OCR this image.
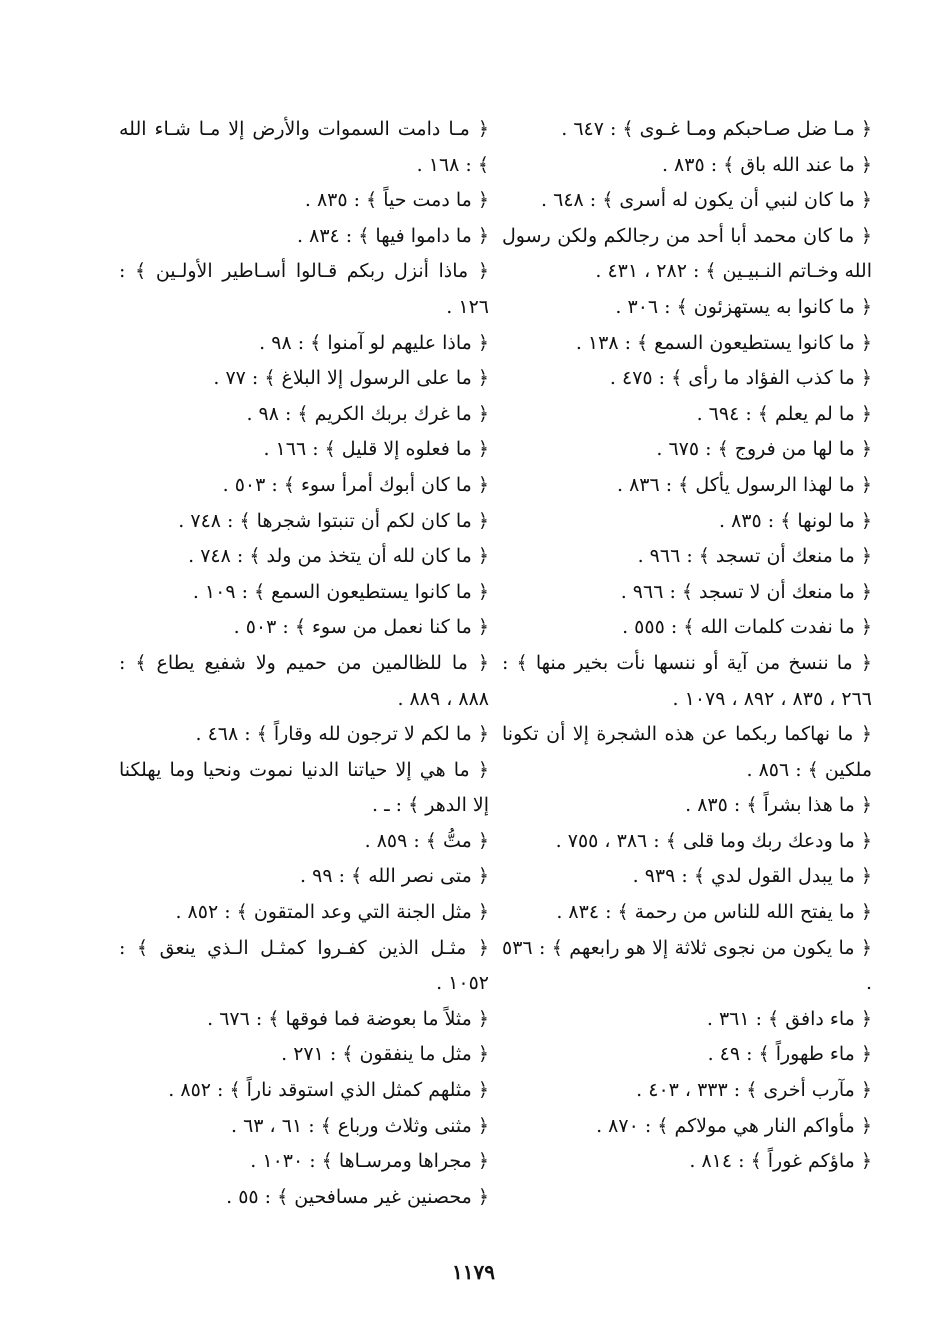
﴿ مـا ضل صـاحبكم ومـا غـوى ﴾ : ٦٤٧ .
﴿ ما عند الله باق ﴾ : ٨٣٥ .
﴿ ما كان لنبي أن يكون له أسرى ﴾ : ٦٤٨ .
﴿ ما كان محمد أبا أحد من رجالكم ولكن رسول الله وخـاتم النـبيـين ﴾ : ٢٨٢ ، ٤٣١ .
﴿ ما كانوا به يستهزئون ﴾ : ٣٠٦ .
﴿ ما كانوا يستطيعون السمع ﴾ : ١٣٨ .
﴿ ما كذب الفؤاد ما رأى ﴾ : ٤٧٥ .
﴿ ما لم يعلم ﴾ : ٦٩٤ .
﴿ ما لها من فروج ﴾ : ٦٧٥ .
﴿ ما لهذا الرسول يأكل ﴾ : ٨٣٦ .
﴿ ما لونها ﴾ : ٨٣٥ .
﴿ ما منعك أن تسجد ﴾ : ٩٦٦ .
﴿ ما منعك أن لا تسجد ﴾ : ٩٦٦ .
﴿ ما نفدت كلمات الله ﴾ : ٥٥٥ .
﴿ ما ننسخ من آية أو ننسها نأت بخير منها ﴾ : ٢٦٦ ، ٨٣٥ ، ٨٩٢ ، ١٠٧٩ .
﴿ ما نهاكما ربكما عن هذه الشجرة إلا أن تكونا ملكين ﴾ : ٨٥٦ .
﴿ ما هذا بشراً ﴾ : ٨٣٥ .
﴿ ما ودعك ربك وما قلى ﴾ : ٣٨٦ ، ٧٥٥ .
﴿ ما يبدل القول لدي ﴾ : ٩٣٩ .
﴿ ما يفتح الله للناس من رحمة ﴾ : ٨٣٤ .
﴿ ما يكون من نجوى ثلاثة إلا هو رابعهم ﴾ : ٥٣٦ .
﴿ ماء دافق ﴾ : ٣٦١ .
﴿ ماء طهوراً ﴾ : ٤٩ .
﴿ مآرب أخرى ﴾ : ٣٣٣ ، ٤٠٣ .
﴿ مأواكم النار هي مولاكم ﴾ : ٨٧٠ .
﴿ ماؤكم غوراً ﴾ : ٨١٤ .
﴿ مـا دامت السموات والأرض إلا مـا شـاء الله ﴾ : ١٦٨ .
﴿ ما دمت حياً ﴾ : ٨٣٥ .
﴿ ما داموا فيها ﴾ : ٨٣٤ .
﴿ ماذا أنزل ربكم قـالوا أسـاطير الأولـين ﴾ : ١٢٦ .
﴿ ماذا عليهم لو آمنوا ﴾ : ٩٨ .
﴿ ما على الرسول إلا البلاغ ﴾ : ٧٧ .
﴿ ما غرك بربك الكريم ﴾ : ٩٨ .
﴿ ما فعلوه إلا قليل ﴾ : ١٦٦ .
﴿ ما كان أبوك أمرأ سوء ﴾ : ٥٠٣ .
﴿ ما كان لكم أن تنبتوا شجرها ﴾ : ٧٤٨ .
﴿ ما كان لله أن يتخذ من ولد ﴾ : ٧٤٨ .
﴿ ما كانوا يستطيعون السمع ﴾ : ١٠٩ .
﴿ ما كنا نعمل من سوء ﴾ : ٥٠٣ .
﴿ ما للظالمين من حميم ولا شفيع يطاع ﴾ : ٨٨٨ ، ٨٨٩ .
﴿ ما لكم لا ترجون لله وقاراً ﴾ : ٤٦٨ .
﴿ ما هي إلا حياتنا الدنيا نموت ونحيا وما يهلكنا إلا الدهر ﴾ : ـ .
﴿ متُّ ﴾ : ٨٥٩ .
﴿ متى نصر الله ﴾ : ٩٩ .
﴿ مثل الجنة التي وعد المتقون ﴾ : ٨٥٢ .
﴿ مثـل الذين كفـروا كمثـل الـذي ينعق ﴾ : ١٠٥٢ .
﴿ مثلاً ما بعوضة فما فوقها ﴾ : ٦٧٦ .
﴿ مثل ما ينفقون ﴾ : ٢٧١ .
﴿ مثلهم كمثل الذي استوقد ناراً ﴾ : ٨٥٢ .
﴿ مثنى وثلاث ورباع ﴾ : ٦١ ، ٦٣ .
﴿ مجراها ومرسـاها ﴾ : ١٠٣٠ .
﴿ محصنين غير مسافحين ﴾ : ٥٥ .
١١٧٩
